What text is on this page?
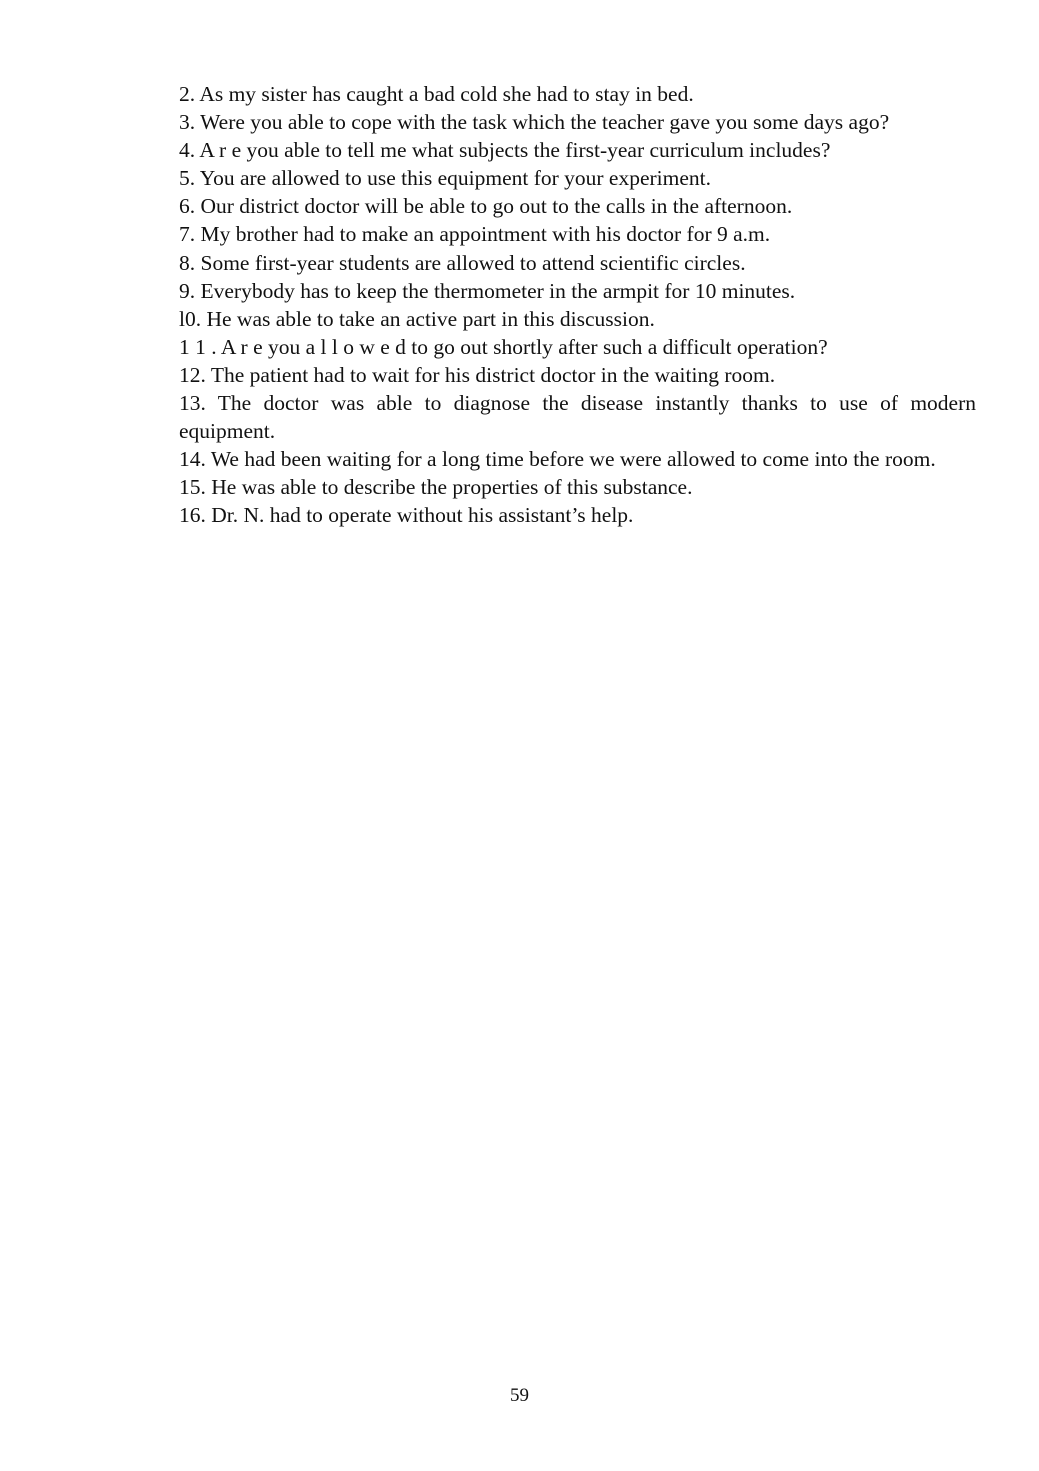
2. As my sister has caught a bad cold she had to stay in bed.

3. Were you able to cope with the task which the teacher gave you some days ago?

4. A r e you able to tell me what subjects the first-year curriculum includes?

5. You are allowed to use this equipment for your experiment.

6. Our district doctor will be able to go out to the calls in the afternoon.

7. My brother had to make an appointment with his doctor for 9 a.m.

8. Some first-year students are allowed to attend scientific circles.

9. Everybody has to keep the thermometer in the armpit for 10 minutes.

l0. He was able to take an active part in this discussion.

1 1 . A r e you a l l o w e d to go out shortly after such a difficult operation?

12. The patient had to wait for his district doctor in the waiting room.

13. The doctor was able to diagnose the disease instantly thanks to use of modern equipment.

14. We had been waiting for a long time before we were allowed to come into the room.

15. He was able to describe the properties of this substance.

16. Dr. N. had to operate without his assistant’s help.

59
